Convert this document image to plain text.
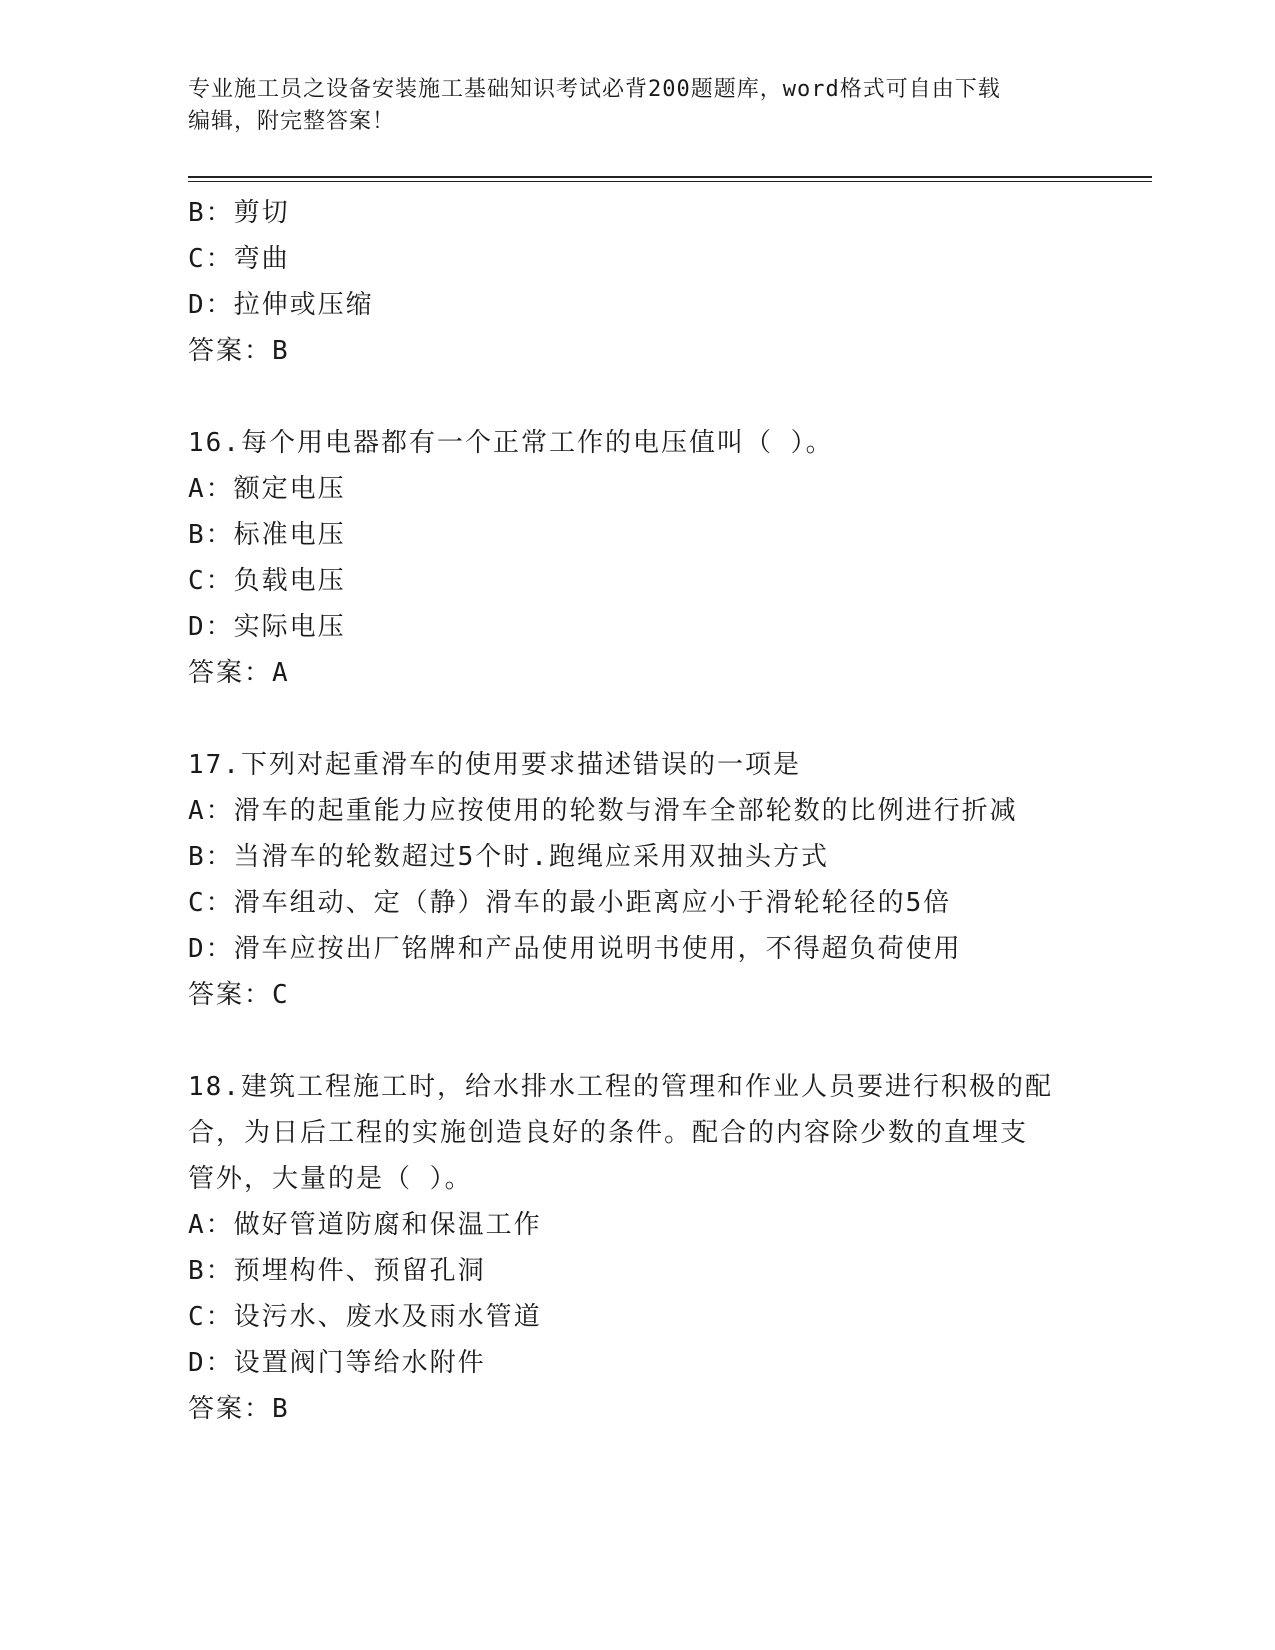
专业施工员之设备安装施工基础知识考试必背200题题库，word格式可自由下载
编辑，附完整答案！
B：剪切
C：弯曲
D：拉伸或压缩
答案：B
16.每个用电器都有一个正常工作的电压值叫（ ）。
A：额定电压
B：标准电压
C：负载电压
D：实际电压
答案：A
17.下列对起重滑车的使用要求描述错误的一项是
A：滑车的起重能力应按使用的轮数与滑车全部轮数的比例进行折减
B：当滑车的轮数超过5个时.跑绳应采用双抽头方式
C：滑车组动、定（静）滑车的最小距离应小于滑轮轮径的5倍
D：滑车应按出厂铭牌和产品使用说明书使用，不得超负荷使用
答案：C
18.建筑工程施工时，给水排水工程的管理和作业人员要进行积极的配
合，为日后工程的实施创造良好的条件。配合的内容除少数的直埋支
管外，大量的是（ ）。
A：做好管道防腐和保温工作
B：预埋构件、预留孔洞
C：设污水、废水及雨水管道
D：设置阀门等给水附件
答案：B
